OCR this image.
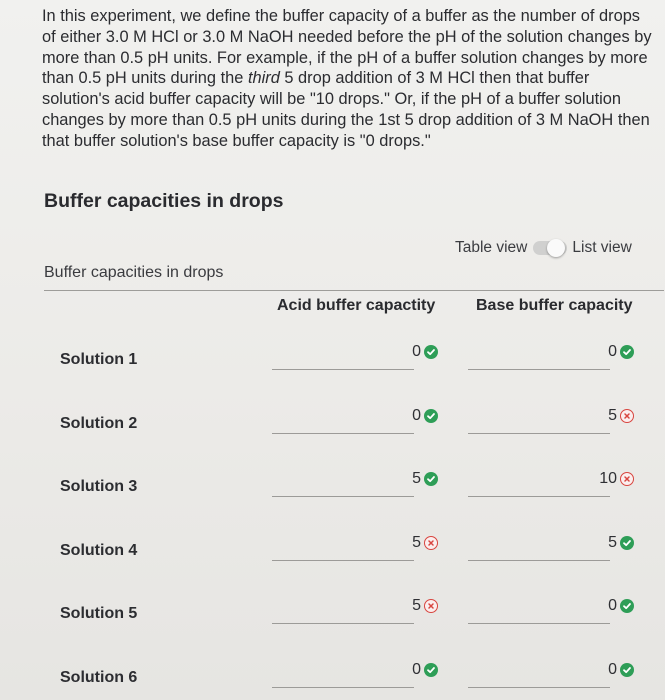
In this experiment, we define the buffer capacity of a buffer as the number of drops of either 3.0 M HCl or 3.0 M NaOH needed before the pH of the solution changes by more than 0.5 pH units. For example, if the pH of a buffer solution changes by more than 0.5 pH units during the third 5 drop addition of 3 M HCl then that buffer solution's acid buffer capacity will be "10 drops." Or, if the pH of a buffer solution changes by more than 0.5 pH units during the 1st 5 drop addition of 3 M NaOH then that buffer solution's base buffer capacity is "0 drops."

Buffer capacities in drops
Table view	List view
Buffer capacities in drops
Acid buffer capactity	Base buffer capacity
Solution 1	0	0
Solution 2	0	5
Solution 3	5	10
Solution 4	5	5
Solution 5	5	0
Solution 6	0	0
